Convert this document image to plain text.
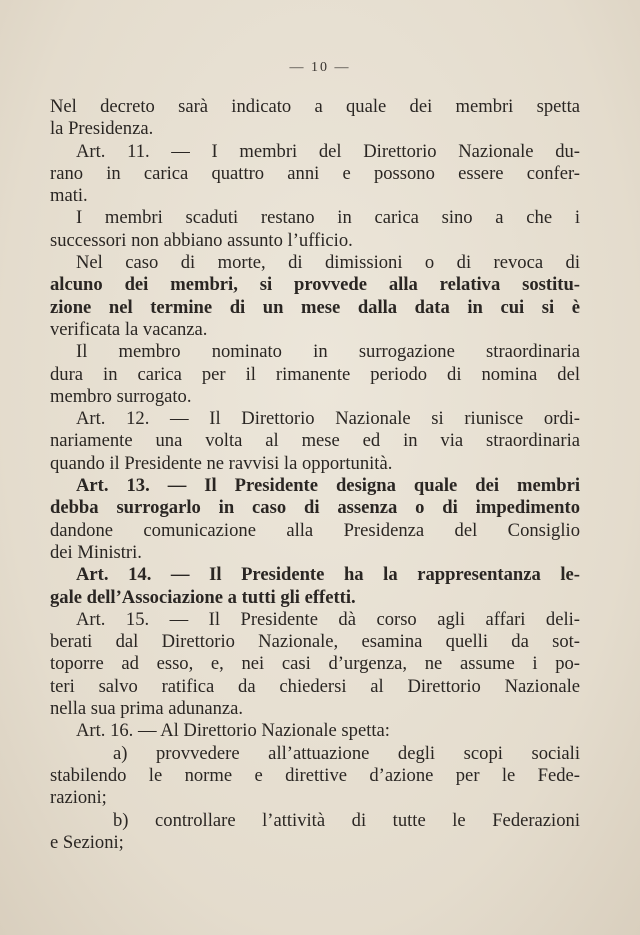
— 10 —
Nel decreto sarà indicato a quale dei membri spetta
la Presidenza.
Art. 11. — I membri del Direttorio Nazionale du-
rano in carica quattro anni e possono essere confer-
mati.
I membri scaduti restano in carica sino a che i
successori non abbiano assunto l’ufficio.
Nel caso di morte, di dimissioni o di revoca di
alcuno dei membri, si provvede alla relativa sostitu-
zione nel termine di un mese dalla data in cui si è
verificata la vacanza.
Il membro nominato in surrogazione straordinaria
dura in carica per il rimanente periodo di nomina del
membro surrogato.
Art. 12. — Il Direttorio Nazionale si riunisce ordi-
nariamente una volta al mese ed in via straordinaria
quando il Presidente ne ravvisi la opportunità.
Art. 13. — Il Presidente designa quale dei membri
debba surrogarlo in caso di assenza o di impedimento
dandone comunicazione alla Presidenza del Consiglio
dei Ministri.
Art. 14. — Il Presidente ha la rappresentanza le-
gale dell’Associazione a tutti gli effetti.
Art. 15. — Il Presidente dà corso agli affari deli-
berati dal Direttorio Nazionale, esamina quelli da sot-
toporre ad esso, e, nei casi d’urgenza, ne assume i po-
teri salvo ratifica da chiedersi al Direttorio Nazionale
nella sua prima adunanza.
Art. 16. — Al Direttorio Nazionale spetta:
a) provvedere all’attuazione degli scopi sociali
stabilendo le norme e direttive d’azione per le Fede-
razioni;
b) controllare l’attività di tutte le Federazioni
e Sezioni;
